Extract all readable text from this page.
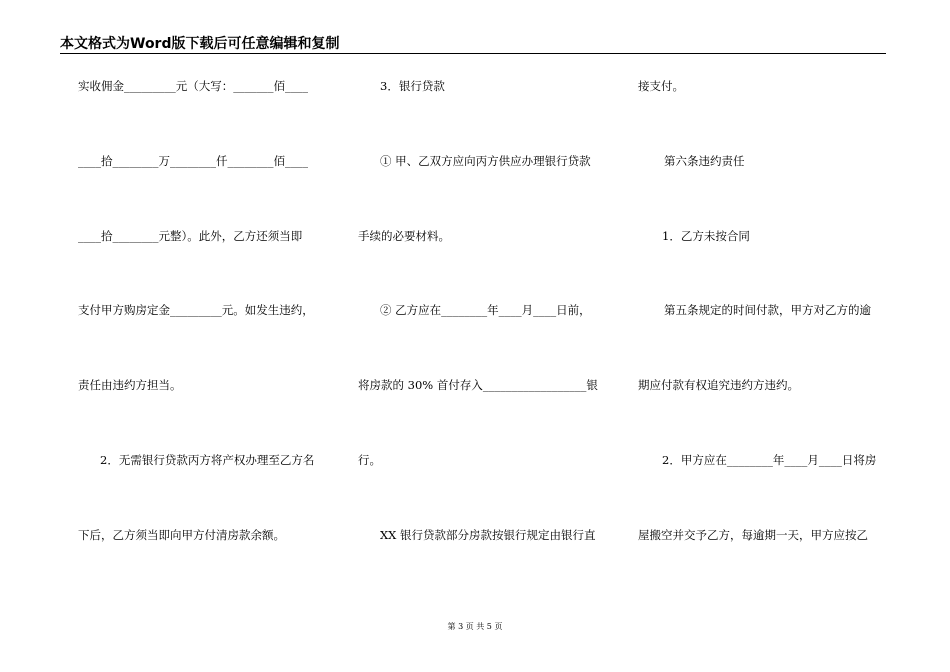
本文格式为Word版下载后可任意编辑和复制
实收佣金_________元（大写：_______佰____
____拾________万________仟________佰____
____拾________元整）。此外，乙方还须当即
支付甲方购房定金_________元。如发生违约，
责任由违约方担当。
2．无需银行贷款丙方将产权办理至乙方名
下后，乙方须当即向甲方付清房款余额。
3．银行贷款
① 甲、乙双方应向丙方供应办理银行贷款
手续的必要材料。
② 乙方应在________年____月____日前，
将房款的 30% 首付存入__________________银
行。
XX 银行贷款部分房款按银行规定由银行直
接支付。
第六条违约责任
1．乙方未按合同
第五条规定的时间付款，甲方对乙方的逾
期应付款有权追究违约方违约。
2．甲方应在________年____月____日将房
屋搬空并交予乙方，每逾期一天，甲方应按乙
第 3 页 共 5 页
